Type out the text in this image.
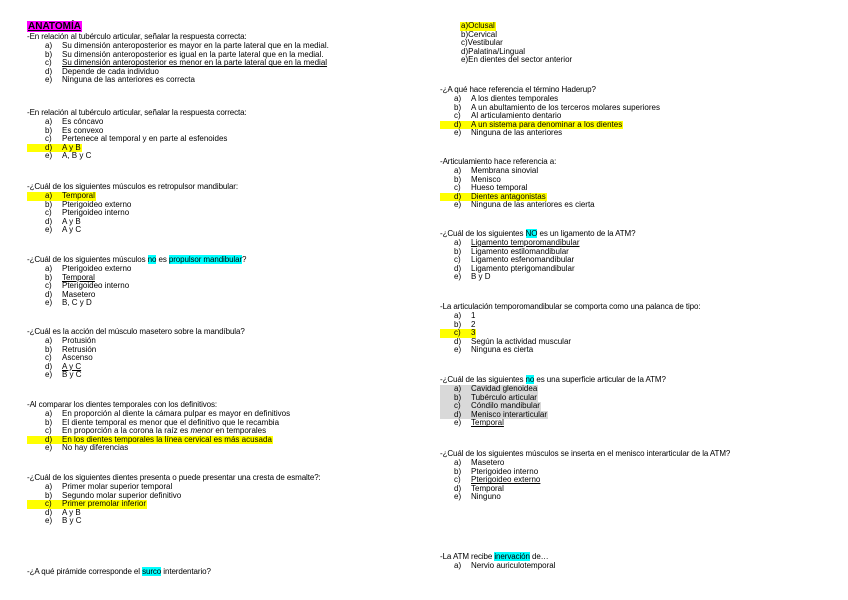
ANATOMÍA
-En relación al tubérculo articular, señalar la respuesta correcta:
a)	Su dimensión anteroposterior es mayor en la parte lateral que en la medial.
b)	Su dimensión anteroposterior es igual en la parte lateral que en la medial.
c)	Su dimensión anteroposterior es menor en la parte lateral que en la medial
d)	Depende de cada individuo
e)	Ninguna de las anteriores es correcta
-En relación al tubérculo articular, señalar la respuesta correcta:
a)	Es cóncavo
b)	Es convexo
c)	Pertenece al temporal y en parte al esfenoides
d)	A y B
e)	A, B y C
-¿Cuál de los siguientes músculos es retropulsor mandibular:
a)	Temporal
b)	Pterigoideo externo
c)	Pterigoideo interno
d)	A y B
e)	A y C
-¿Cuál de los siguientes músculos no es propulsor mandibular?
a)	Pterigoideo externo
b)	Temporal
c)	Pterigoideo interno
d)	Masetero
e)	B, C y D
-¿Cuál es la acción del músculo masetero sobre la mandíbula?
a)	Protusión
b)	Retrusión
c)	Ascenso
d)	A y C
e)	B y C
-Al comparar los dientes temporales con los definitivos:
a)	En proporción al diente la cámara pulpar es mayor en definitivos
b)	El diente temporal es menor que el definitivo que le recambia
c)	En proporción a la corona la raíz es menor en temporales
d)	En los dientes temporales la línea cervical es más acusada
e)	No hay diferencias
-¿Cuál de los siguientes dientes presenta o puede presentar una cresta de esmalte?:
a)	Primer molar superior temporal
b)	Segundo molar superior definitivo
c)	Primer premolar inferior
d)	A y B
e)	B y C
-¿A qué pirámide corresponde el surco interdentario?
a)Oclusal
b)Cervical
c)Vestibular
d)Palatina/Lingual
e)En dientes del sector anterior
-¿A qué hace referencia el término Haderup?
a)	A los dientes temporales
b)	A un abultamiento de los terceros molares superiores
c)	Al articulamiento dentario
d)	A un sistema para denominar a los dientes
e)	Ninguna de las anteriores
-Articulamiento hace referencia a:
a)	Membrana sinovial
b)	Menisco
c)	Hueso temporal
d)	Dientes antagonistas
e)	Ninguna de las anteriores es cierta
-¿Cuál de los siguientes NO es un ligamento de la ATM?
a)	Ligamento temporomandibular
b)	Ligamento estilomandibular
c)	Ligamento esfenomandibular
d)	Ligamento pterigomandibular
e)	B y D
-La articulación temporomandibular se comporta como una palanca de tipo:
a)	1
b)	2
c)	3
d)	Según la actividad muscular
e)	Ninguna es cierta
-¿Cuál de las siguientes no es una superficie articular de la ATM?
a)	Cavidad glenoidea
b)	Tubérculo articular
c)	Cóndilo mandibular
d)	Menisco interarticular
e)	Temporal
-¿Cuál de los siguientes músculos se inserta en el menisco interarticular de la ATM?
a)	Masetero
b)	Pterigoideo interno
c)	Pterigoideo externo
d)	Temporal
e)	Ninguno
-La ATM recibe inervación de…
a)	Nervio auriculotemporal
